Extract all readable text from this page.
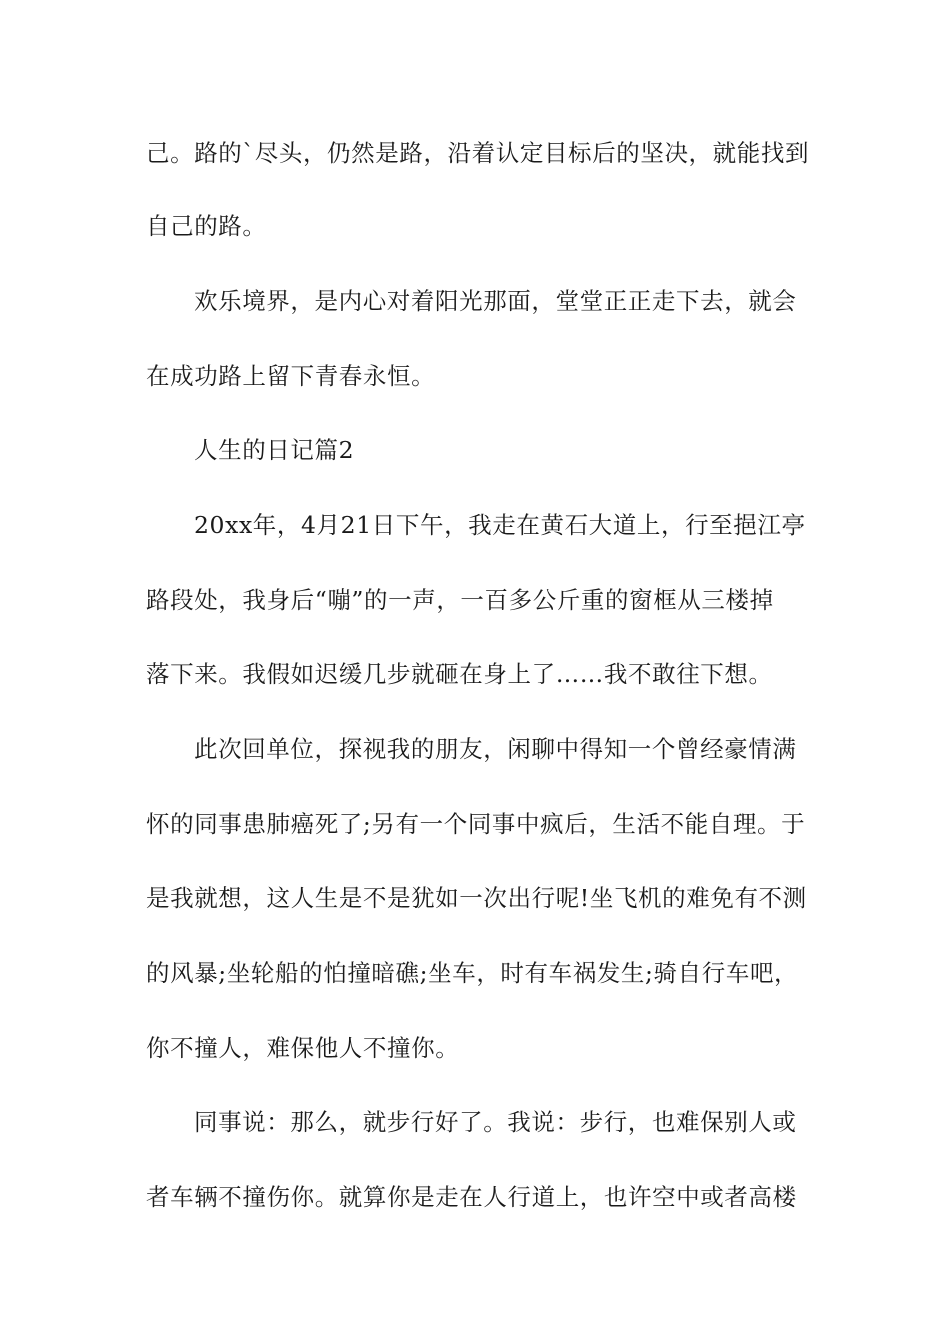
己。路的`尽头，仍然是路，沿着认定目标后的坚决，就能找到
自己的路。
欢乐境界，是内心对着阳光那面，堂堂正正走下去，就会
在成功路上留下青春永恒。
人生的日记篇2
20xx年，4月21日下午，我走在黄石大道上，行至挹江亭
路段处，我身后“嘣”的一声，一百多公斤重的窗框从三楼掉
落下来。我假如迟缓几步就砸在身上了……我不敢往下想。
此次回单位，探视我的朋友，闲聊中得知一个曾经豪情满
怀的同事患肺癌死了;另有一个同事中疯后，生活不能自理。于
是我就想，这人生是不是犹如一次出行呢!坐飞机的难免有不测
的风暴;坐轮船的怕撞暗礁;坐车，时有车祸发生;骑自行车吧，
你不撞人，难保他人不撞你。
同事说：那么，就步行好了。我说：步行，也难保别人或
者车辆不撞伤你。就算你是走在人行道上，也许空中或者高楼
